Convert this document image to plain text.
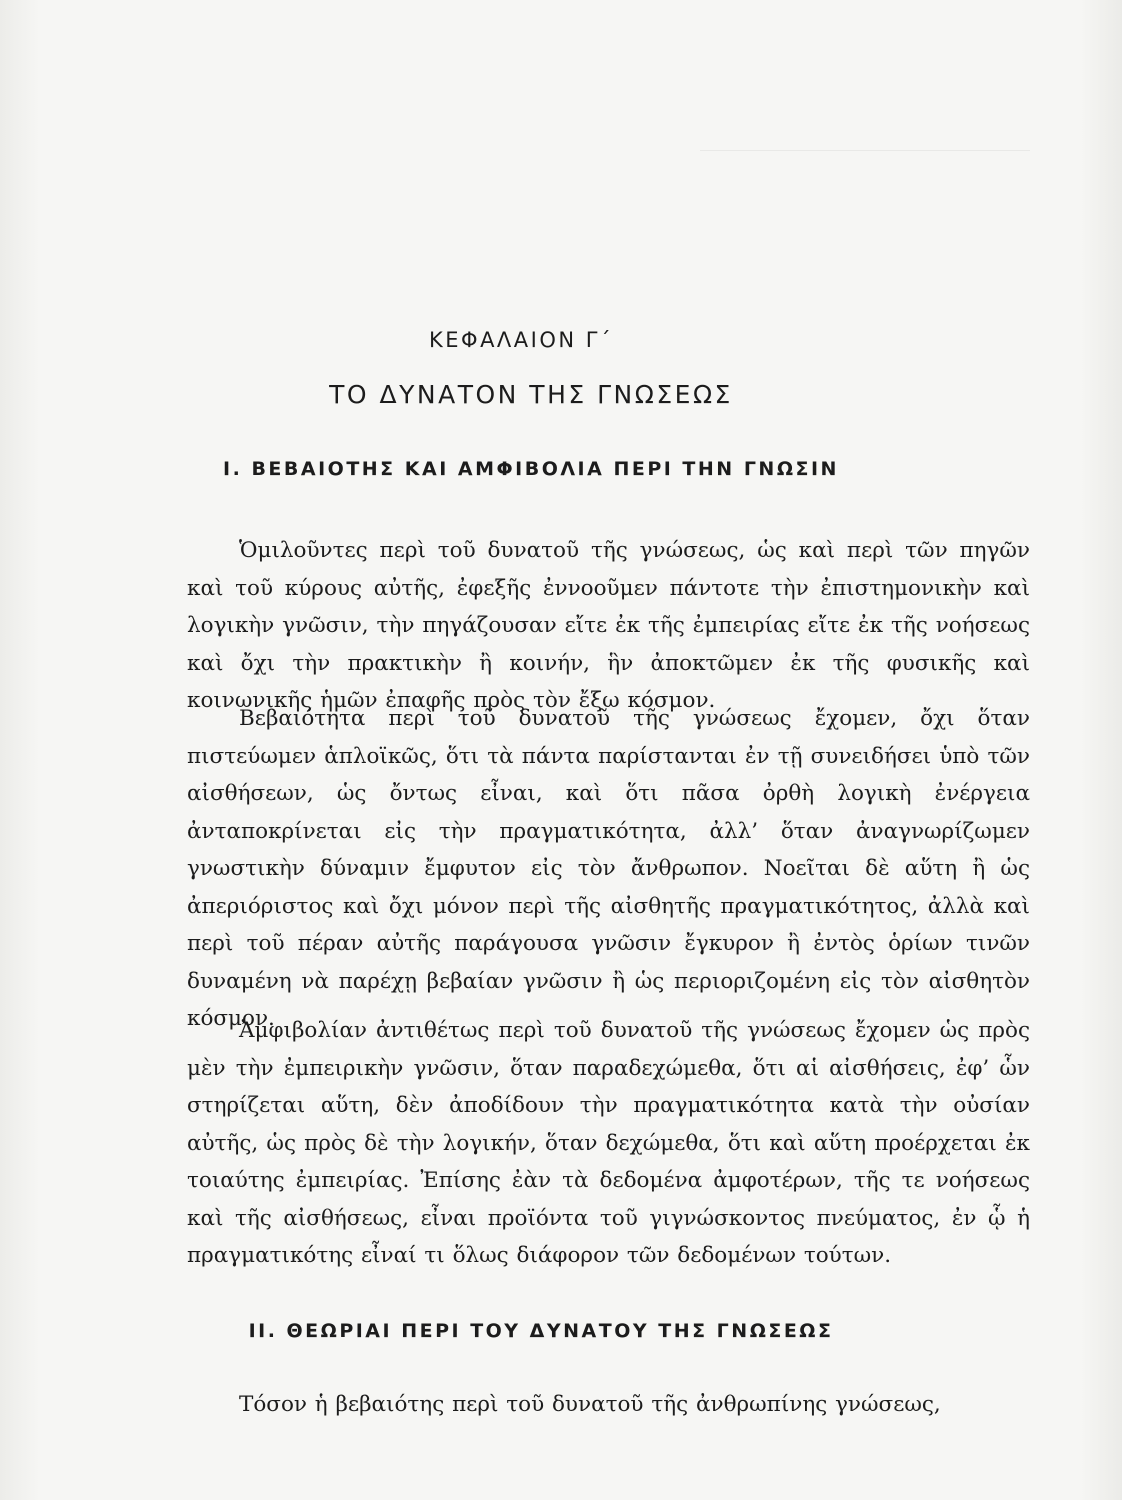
ΚΕΦΑΛΑΙΟΝ Γ΄
ΤΟ ΔΥΝΑΤΟΝ ΤΗΣ ΓΝΩΣΕΩΣ
Ι. ΒΕΒΑΙΟΤΗΣ ΚΑΙ ΑΜΦΙΒΟΛΙΑ ΠΕΡΙ ΤΗΝ ΓΝΩΣΙΝ

Ὁμιλοῦντες περὶ τοῦ δυνατοῦ τῆς γνώσεως, ὡς καὶ περὶ τῶν πηγῶν καὶ τοῦ κύρους αὐτῆς, ἐφεξῆς ἐννοοῦμεν πάντοτε τὴν ἐπιστημονικὴν καὶ λογικὴν γνῶσιν, τὴν πηγάζουσαν εἴτε ἐκ τῆς ἐμπειρίας εἴτε ἐκ τῆς νοήσεως καὶ ὄχι τὴν πρακτικὴν ἢ κοινήν, ἣν ἀποκτῶμεν ἐκ τῆς φυσικῆς καὶ κοινωνικῆς ἡμῶν ἐπαφῆς πρὸς τὸν ἔξω κόσμον.

Βεβαιότητα περὶ τοῦ δυνατοῦ τῆς γνώσεως ἔχομεν, ὄχι ὅταν πιστεύωμεν ἁπλοϊκῶς, ὅτι τὰ πάντα παρίστανται ἐν τῇ συνειδήσει ὑπὸ τῶν αἰσθήσεων, ὡς ὄντως εἶναι, καὶ ὅτι πᾶσα ὀρθὴ λογικὴ ἐνέργεια ἀνταποκρίνεται εἰς τὴν πραγματικότητα, ἀλλ’ ὅταν ἀναγνωρίζωμεν γνωστικὴν δύναμιν ἔμφυτον εἰς τὸν ἄνθρωπον. Νοεῖται δὲ αὕτη ἢ ὡς ἀπεριόριστος καὶ ὄχι μόνον περὶ τῆς αἰσθητῆς πραγματικότητος, ἀλλὰ καὶ περὶ τοῦ πέραν αὐτῆς παράγουσα γνῶσιν ἔγκυρον ἢ ἐντὸς ὁρίων τινῶν δυναμένη νὰ παρέχῃ βεβαίαν γνῶσιν ἢ ὡς περιοριζομένη εἰς τὸν αἰσθητὸν κόσμον.

Ἀμφιβολίαν ἀντιθέτως περὶ τοῦ δυνατοῦ τῆς γνώσεως ἔχομεν ὡς πρὸς μὲν τὴν ἐμπειρικὴν γνῶσιν, ὅταν παραδεχώμεθα, ὅτι αἱ αἰσθήσεις, ἐφ’ ὧν στηρίζεται αὕτη, δὲν ἀποδίδουν τὴν πραγματικότητα κατὰ τὴν οὐσίαν αὐτῆς, ὡς πρὸς δὲ τὴν λογικήν, ὅταν δεχώμεθα, ὅτι καὶ αὕτη προέρχεται ἐκ τοιαύτης ἐμπειρίας. Ἐπίσης ἐὰν τὰ δεδομένα ἀμφοτέρων, τῆς τε νοήσεως καὶ τῆς αἰσθήσεως, εἶναι προϊόντα τοῦ γιγνώσκοντος πνεύματος, ἐν ᾧ ἡ πραγματικότης εἶναί τι ὅλως διάφορον τῶν δεδομένων τούτων.

ΙΙ. ΘΕΩΡΙΑΙ ΠΕΡΙ ΤΟΥ ΔΥΝΑΤΟΥ ΤΗΣ ΓΝΩΣΕΩΣ

Τόσον ἡ βεβαιότης περὶ τοῦ δυνατοῦ τῆς ἀνθρωπίνης γνώσεως,
